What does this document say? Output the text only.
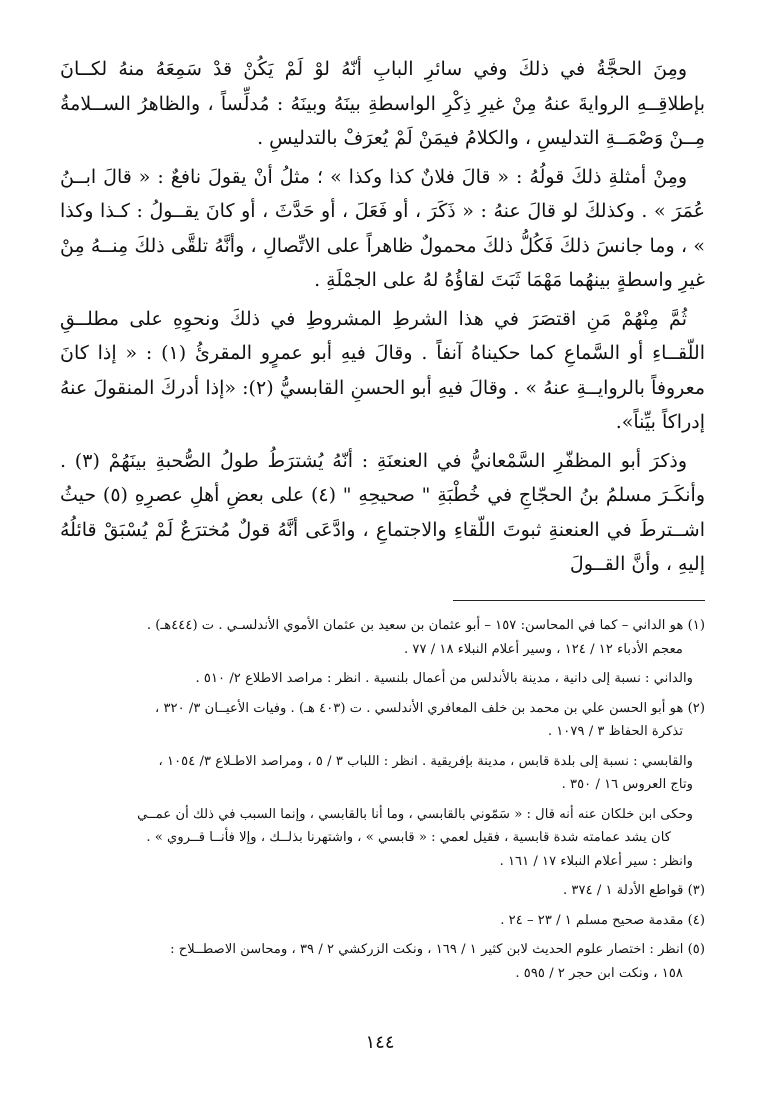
ومِنَ الحجَّةُ في ذلكَ وفي سائرِ البابِ أنّهُ لوْ لَمْ يَكُنْ قدْ سَمِعَهُ منهُ لكــانَ بإطلاقِــهِ الروايةَ عنهُ مِنْ غيرِ ذِكْرِ الواسطةِ بينَهُ وبينَهُ : مُدلِّساً ، والظاهرُ الســلامةُ مِــنْ وَصْمَــةِ التدليسِ ، والكلامُ فيمَنْ لَمْ يُعرَفْ بالتدليسِ .

ومِنْ أمثلةِ ذلكَ قولُهُ : « قالَ فلانٌ كذا وكذا » ؛ مثلُ أنْ يقولَ نافعٌ : « قالَ ابــنُ عُمَرَ » . وكذلكَ لو قالَ عنهُ : « ذَكَرَ ، أو فَعَلَ ، أو حَدَّثَ ، أو كانَ يقــولُ : كـذا وكذا » ، وما جانسَ ذلكَ فَكُلُّ ذلكَ محمولٌ ظاهراً على الاتِّصالِ ، وأنَّهُ تلقَّى ذلكَ مِنــهُ مِنْ غيرِ واسطةٍ بينهُما مَهْمَا ثَبَتَ لقاؤُهُ لهُ على الجمْلَةِ .

ثُمَّ مِنْهُمْ مَنِ اقتصَرَ في هذا الشرطِ المشروطِ في ذلكَ ونحوِهِ على مطلــقِ اللّقــاءِ أو السَّماعِ كما حكيناهُ آنفاً . وقالَ فيهِ أبو عمرٍو المقرئُ (١) : « إذا كانَ معروفاً بالروايــةِ عنهُ » . وقالَ فيهِ أبو الحسنِ القابسيُّ (٢): «إذا أدركَ المنقولَ عنهُ إدراكاً بيِّناً».

وذكرَ أبو المظفّرِ السَّمْعانيُّ في العنعنَةِ : أنّهُ يُشترَطُ طولُ الصُّحبةِ بينَهُمْ (٣) . وأنكَـرَ مسلمُ بنُ الحجّاجِ في خُطْبَةِ " صحيحِهِ " (٤) على بعضِ أهلِ عصرِهِ (٥) حيثُ اشــترطَ في العنعنةِ ثبوتَ اللّقاءِ والاجتماعِ ، وادَّعَى أنَّهُ قولٌ مُخترَعٌ لَمْ يُسْبَقْ قائلُهُ إليهِ ، وأنَّ القــولَ

(١) هو الداني – كما في المحاسن: ١٥٧ – أبو عثمان بن سعيد بن عثمان الأموي الأندلسـي . ت (٤٤٤هـ) .
معجم الأدباء ١٢ / ١٢٤ ، وسير أعلام النبلاء ١٨ / ٧٧ .
والداني : نسبة إلى دانية ، مدينة بالأندلس من أعمال بلنسية . انظر : مراصد الاطلاع ٢/ ٥١٠ .
(٢) هو أبو الحسن علي بن محمد بن خلف المعافري الأندلسي . ت (٤٠٣ هـ) . وفيات الأعيــان ٣/ ٣٢٠ ،
تذكرة الحفاظ ٣ / ١٠٧٩ .
والقابسي : نسبة إلى بلدة قابس ، مدينة بإفريقية . انظر : اللباب ٣ / ٥ ، ومراصد الاطـلاع ٣/ ١٠٥٤ ،
وتاج العروس ١٦ / ٣٥٠ .
وحكى ابن خلكان عنه أنه قال : « سَمّوني بالقابسي ، وما أنا بالقابسي ، وإنما السبب في ذلك أن عمــي
كان يشد عمامته شدة قابسية ، فقيل لعمي : « قابسي » ، واشتهرنا بذلــك ، وإلا فأنــا قــروي » .
وانظر : سير أعلام النبلاء ١٧ / ١٦١ .
(٣) قواطع الأدلة ١ / ٣٧٤ .
(٤) مقدمة صحيح مسلم ١ / ٢٣ – ٢٤ .
(٥) انظر : اختصار علوم الحديث لابن كثير ١ / ١٦٩ ، ونكت الزركشي ٢ / ٣٩ ، ومحاسن الاصطــلاح :
١٥٨ ، ونكت ابن حجر ٢ / ٥٩٥ .
١٤٤
